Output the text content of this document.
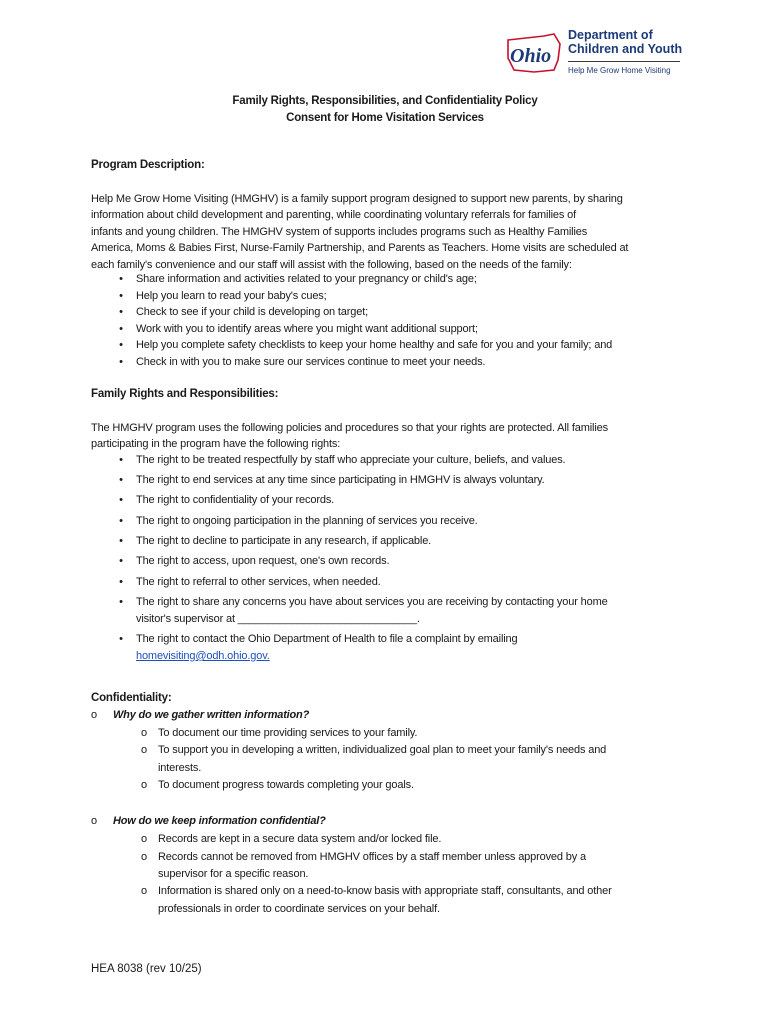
Ohio
Department of
Children and Youth
Help Me Grow Home Visiting
Family Rights, Responsibilities, and Confidentiality Policy
Consent for Home Visitation Services
Program Description:
Help Me Grow Home Visiting (HMGHV) is a family support program designed to support new parents, by sharing
information about child development and parenting, while coordinating voluntary referrals for families of
infants and young children. The HMGHV system of supports includes programs such as Healthy Families
America, Moms & Babies First, Nurse-Family Partnership, and Parents as Teachers. Home visits are scheduled at
each family's convenience and our staff will assist with the following, based on the needs of the family:
• Share information and activities related to your pregnancy or child's age;
• Help you learn to read your baby's cues;
• Check to see if your child is developing on target;
• Work with you to identify areas where you might want additional support;
• Help you complete safety checklists to keep your home healthy and safe for you and your family; and
• Check in with you to make sure our services continue to meet your needs.
Family Rights and Responsibilities:
The HMGHV program uses the following policies and procedures so that your rights are protected. All families
participating in the program have the following rights:
• The right to be treated respectfully by staff who appreciate your culture, beliefs, and values.
• The right to end services at any time since participating in HMGHV is always voluntary.
• The right to confidentiality of your records.
• The right to ongoing participation in the planning of services you receive.
• The right to decline to participate in any research, if applicable.
• The right to access, upon request, one's own records.
• The right to referral to other services, when needed.
• The right to share any concerns you have about services you are receiving by contacting your home
visitor's supervisor at ______________________________.
• The right to contact the Ohio Department of Health to file a complaint by emailing
homevisiting@odh.ohio.gov.
Confidentiality:
o Why do we gather written information?
o To document our time providing services to your family.
o To support you in developing a written, individualized goal plan to meet your family's needs and
interests.
o To document progress towards completing your goals.
o How do we keep information confidential?
o Records are kept in a secure data system and/or locked file.
o Records cannot be removed from HMGHV offices by a staff member unless approved by a
supervisor for a specific reason.
o Information is shared only on a need-to-know basis with appropriate staff, consultants, and other
professionals in order to coordinate services on your behalf.
HEA 8038 (rev 10/25)
